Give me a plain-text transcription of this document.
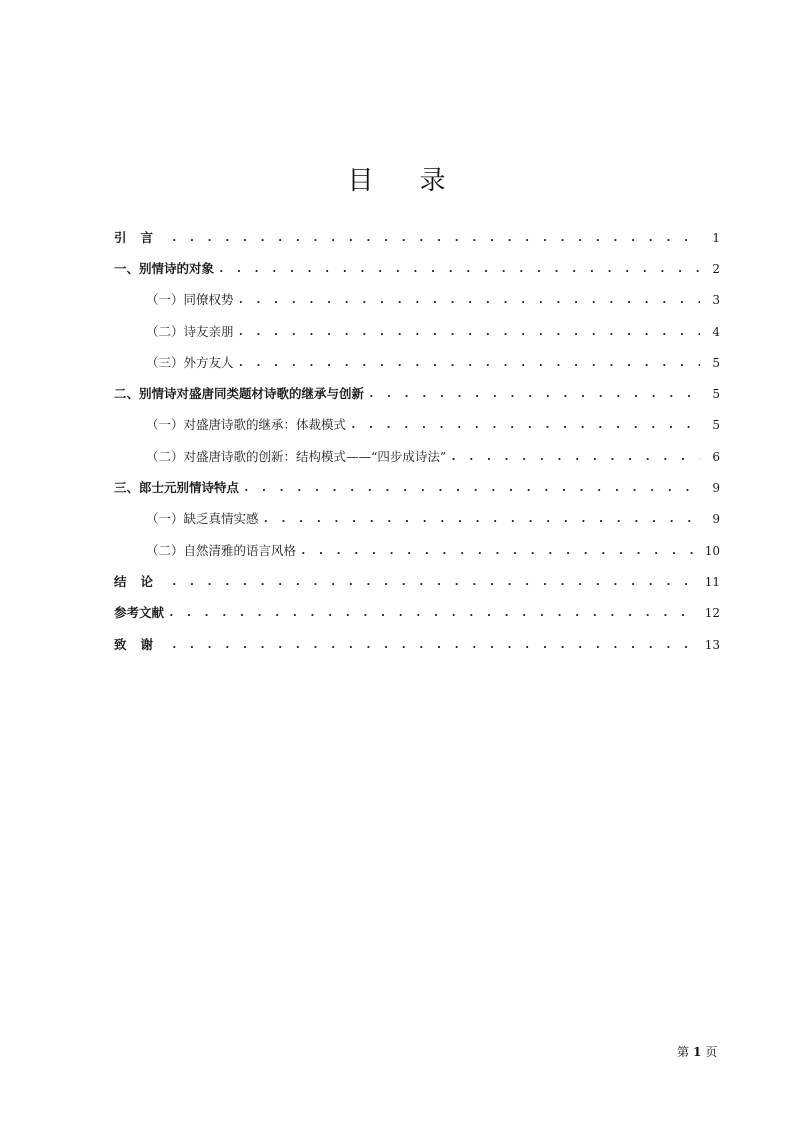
目 录
引言 . . .	1
一、别情诗的对象 . . .	2
（一）同僚权势 . . .	3
（二）诗友亲朋 . . .	4
（三）外方友人 . . .	5
二、别情诗对盛唐同类题材诗歌的继承与创新 . . .	5
（一）对盛唐诗歌的继承：体裁模式 . . .	5
（二）对盛唐诗歌的创新：结构模式——“四步成诗法” . . .	6
三、郎士元别情诗特点 . . .	9
（一）缺乏真情实感 . . .	9
（二）自然清雅的语言风格 . . .	10
结论 . . .	11
参考文献 . . .	12
致谢 . . .	13
第 1 页
